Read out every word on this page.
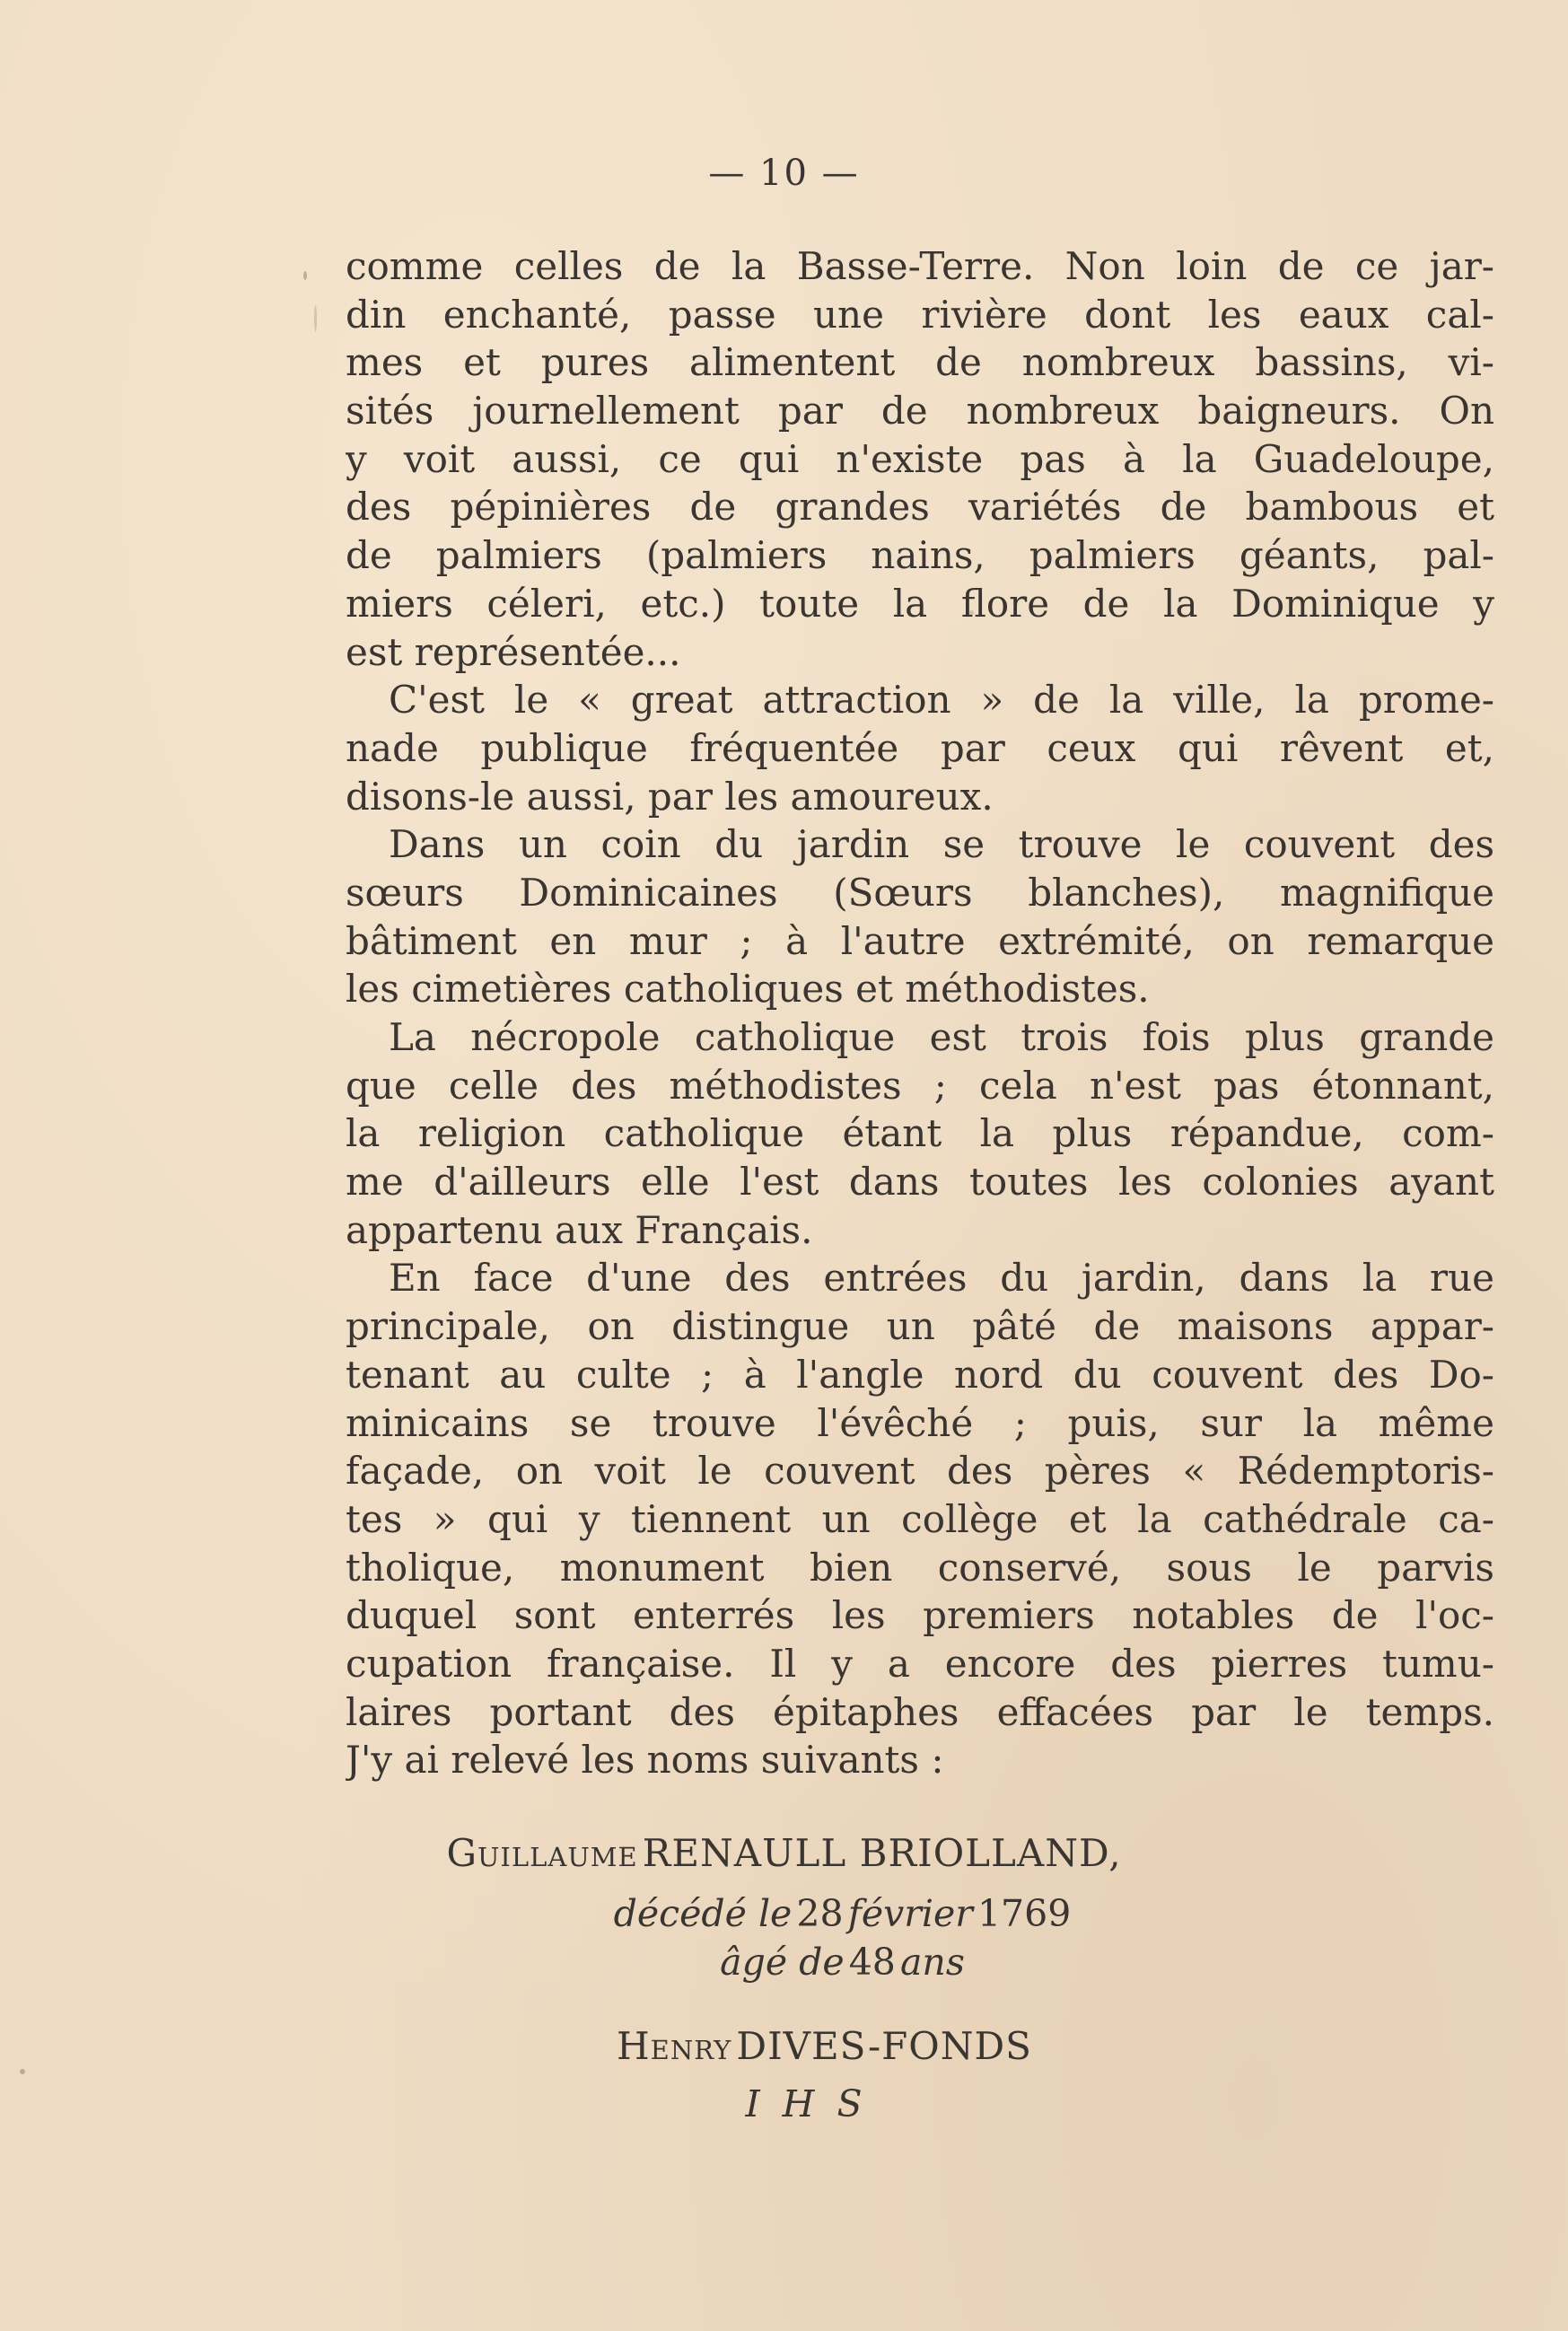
— 10 —
comme celles de la Basse-Terre. Non loin de ce jar-
din enchanté, passe une rivière dont les eaux cal-
mes et pures alimentent de nombreux bassins, vi-
sités journellement par de nombreux baigneurs. On
y voit aussi, ce qui n'existe pas à la Guadeloupe,
des pépinières de grandes variétés de bambous et
de palmiers (palmiers nains, palmiers géants, pal-
miers céleri, etc.) toute la flore de la Dominique y
est représentée...
C'est le « great attraction » de la ville, la prome-
nade publique fréquentée par ceux qui rêvent et,
disons-le aussi, par les amoureux.
Dans un coin du jardin se trouve le couvent des
sœurs Dominicaines (Sœurs blanches), magnifique
bâtiment en mur ; à l'autre extrémité, on remarque
les cimetières catholiques et méthodistes.
La nécropole catholique est trois fois plus grande
que celle des méthodistes ; cela n'est pas étonnant,
la religion catholique étant la plus répandue, com-
me d'ailleurs elle l'est dans toutes les colonies ayant
appartenu aux Français.
En face d'une des entrées du jardin, dans la rue
principale, on distingue un pâté de maisons appar-
tenant au culte ; à l'angle nord du couvent des Do-
minicains se trouve l'évêché ; puis, sur la même
façade, on voit le couvent des pères « Rédemptoris-
tes » qui y tiennent un collège et la cathédrale ca-
tholique, monument bien conservé, sous le parvis
duquel sont enterrés les premiers notables de l'oc-
cupation française. Il y a encore des pierres tumu-
laires portant des épitaphes effacées par le temps.
J'y ai relevé les noms suivants :
Guillaume RENAULL BRIOLLAND,
décédé le 28 février 1769
âgé de 48 ans
Henry DIVES-FONDS
I H S
